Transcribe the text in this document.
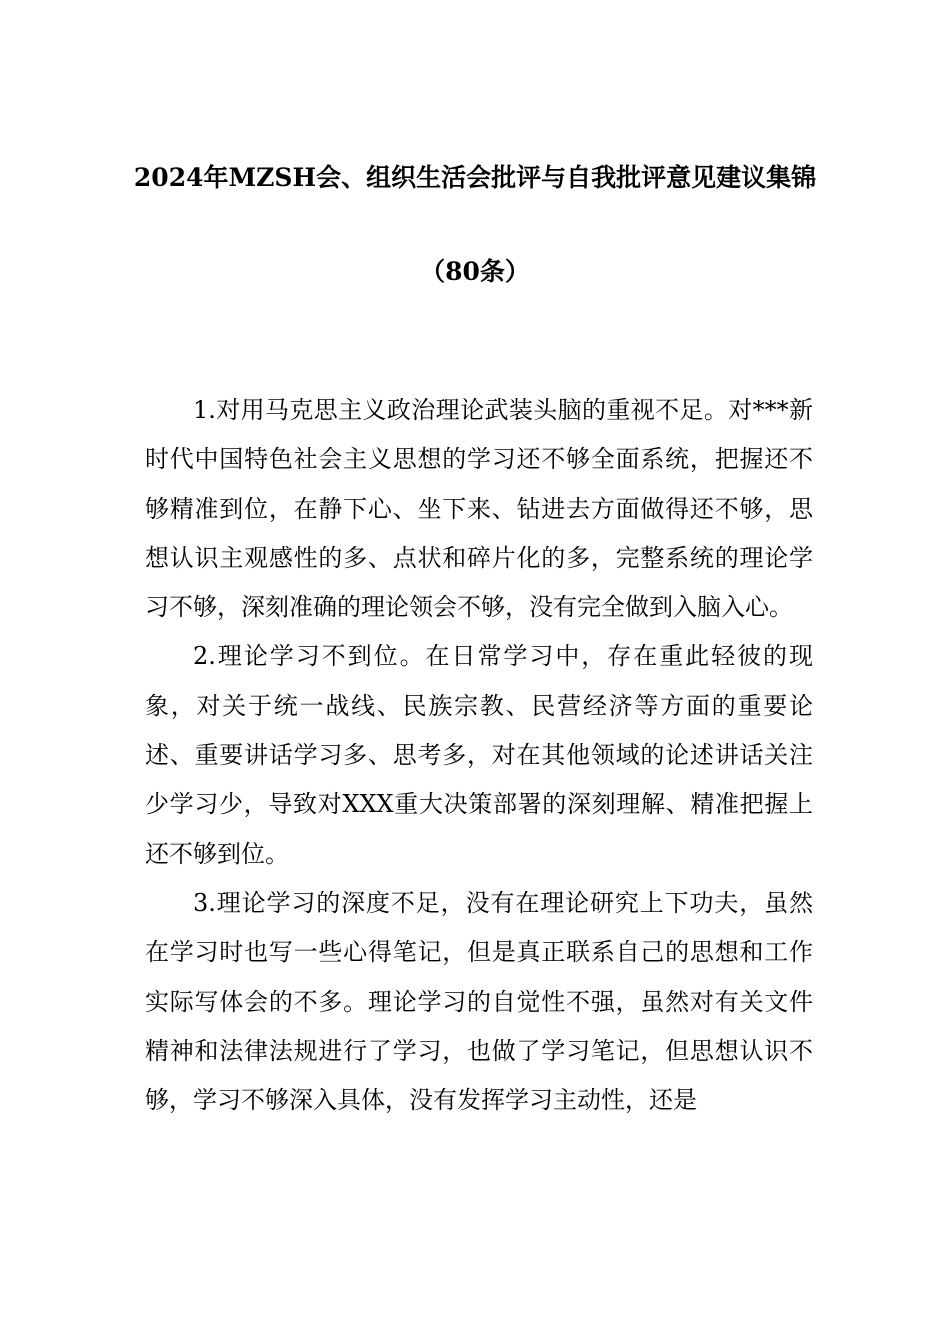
2024年MZSH会、组织生活会批评与自我批评意见建议集锦
（80条）

1.对用马克思主义政治理论武装头脑的重视不足。对***新时代中国特色社会主义思想的学习还不够全面系统，把握还不够精准到位，在静下心、坐下来、钻进去方面做得还不够，思想认识主观感性的多、点状和碎片化的多，完整系统的理论学习不够，深刻准确的理论领会不够，没有完全做到入脑入心。

2.理论学习不到位。在日常学习中，存在重此轻彼的现象，对关于统一战线、民族宗教、民营经济等方面的重要论述、重要讲话学习多、思考多，对在其他领域的论述讲话关注少学习少，导致对XXX重大决策部署的深刻理解、精准把握上还不够到位。

3.理论学习的深度不足，没有在理论研究上下功夫，虽然在学习时也写一些心得笔记，但是真正联系自己的思想和工作实际写体会的不多。理论学习的自觉性不强，虽然对有关文件精神和法律法规进行了学习，也做了学习笔记，但思想认识不够，学习不够深入具体，没有发挥学习主动性，还是
